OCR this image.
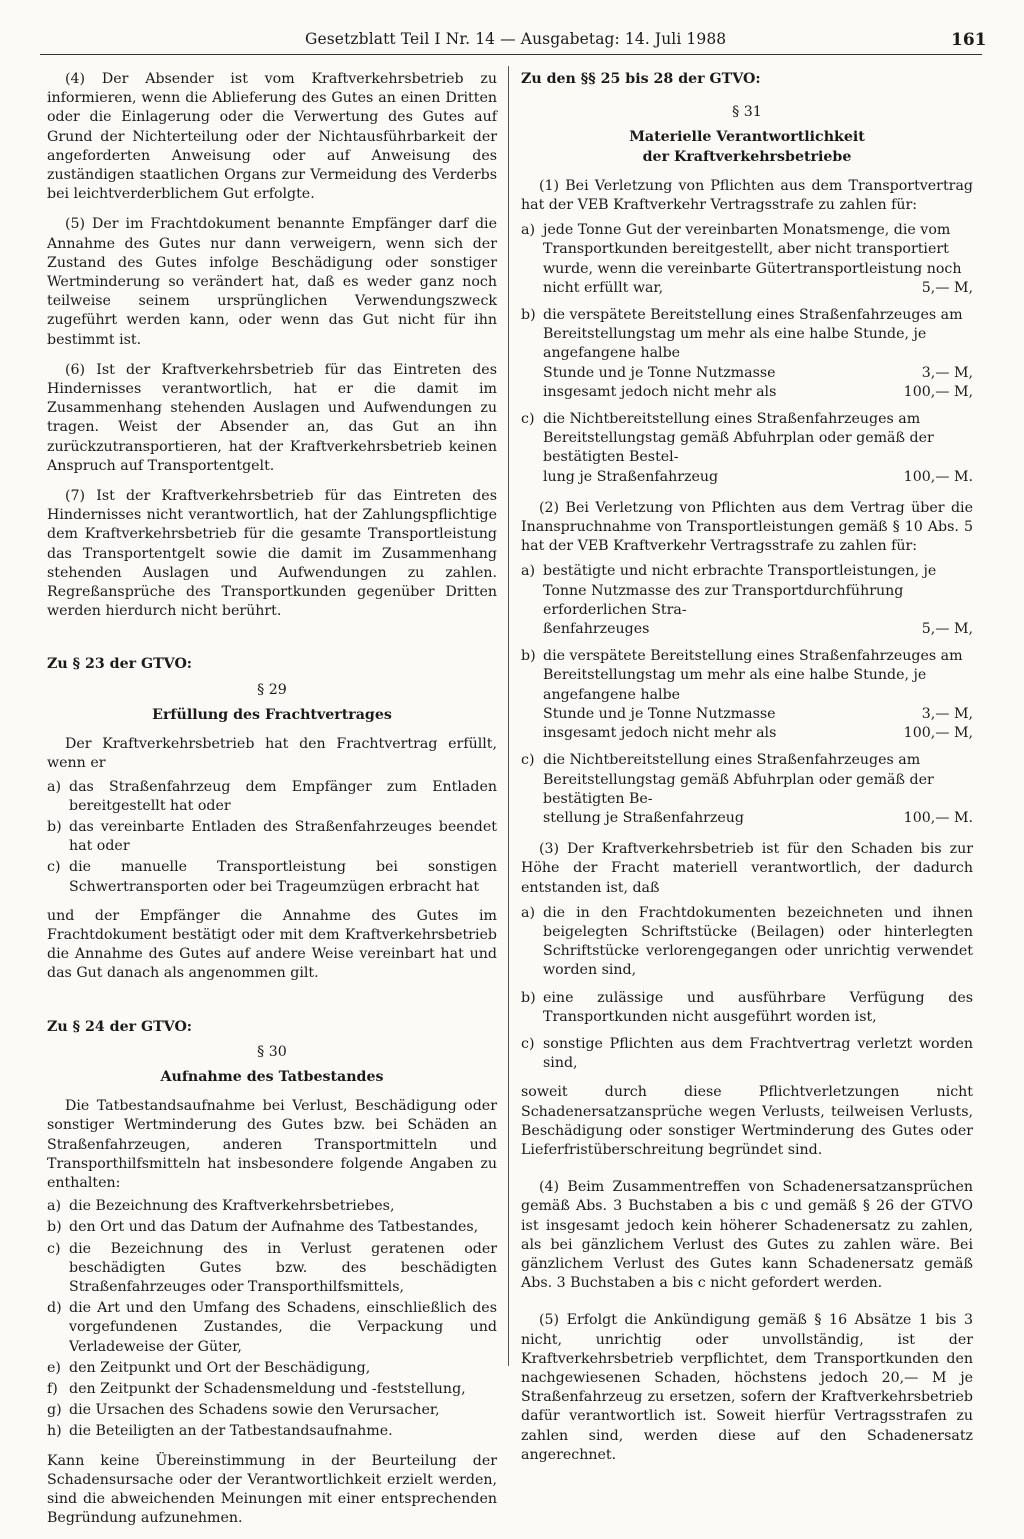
Gesetzblatt Teil I Nr. 14 — Ausgabetag: 14. Juli 1988	161

(4) Der Absender ist vom Kraftverkehrsbetrieb zu informieren, wenn die Ablieferung des Gutes an einen Dritten oder die Einlagerung oder die Verwertung des Gutes auf Grund der Nichterteilung oder der Nichtausführbarkeit der angeforderten Anweisung oder auf Anweisung des zuständigen staatlichen Organs zur Vermeidung des Verderbs bei leichtverderblichem Gut erfolgte.

(5) Der im Frachtdokument benannte Empfänger darf die Annahme des Gutes nur dann verweigern, wenn sich der Zustand des Gutes infolge Beschädigung oder sonstiger Wertminderung so verändert hat, daß es weder ganz noch teilweise seinem ursprünglichen Verwendungszweck zugeführt werden kann, oder wenn das Gut nicht für ihn bestimmt ist.

(6) Ist der Kraftverkehrsbetrieb für das Eintreten des Hindernisses verantwortlich, hat er die damit im Zusammenhang stehenden Auslagen und Aufwendungen zu tragen. Weist der Absender an, das Gut an ihn zurückzutransportieren, hat der Kraftverkehrsbetrieb keinen Anspruch auf Transportentgelt.

(7) Ist der Kraftverkehrsbetrieb für das Eintreten des Hindernisses nicht verantwortlich, hat der Zahlungspflichtige dem Kraftverkehrsbetrieb für die gesamte Transportleistung das Transportentgelt sowie die damit im Zusammenhang stehenden Auslagen und Aufwendungen zu zahlen. Regreßansprüche des Transportkunden gegenüber Dritten werden hierdurch nicht berührt.

Zu § 23 der GTVO:
§ 29
Erfüllung des Frachtvertrages

Der Kraftverkehrsbetrieb hat den Frachtvertrag erfüllt, wenn er

a) das Straßenfahrzeug dem Empfänger zum Entladen bereitgestellt hat oder
b) das vereinbarte Entladen des Straßenfahrzeuges beendet hat oder
c) die manuelle Transportleistung bei sonstigen Schwertransporten oder bei Trageumzügen erbracht hat

und der Empfänger die Annahme des Gutes im Frachtdokument bestätigt oder mit dem Kraftverkehrsbetrieb die Annahme des Gutes auf andere Weise vereinbart hat und das Gut danach als angenommen gilt.

Zu § 24 der GTVO:
§ 30
Aufnahme des Tatbestandes

Die Tatbestandsaufnahme bei Verlust, Beschädigung oder sonstiger Wertminderung des Gutes bzw. bei Schäden an Straßenfahrzeugen, anderen Transportmitteln und Transporthilfsmitteln hat insbesondere folgende Angaben zu enthalten:

a) die Bezeichnung des Kraftverkehrsbetriebes,
b) den Ort und das Datum der Aufnahme des Tatbestandes,
c) die Bezeichnung des in Verlust geratenen oder beschädigten Gutes bzw. des beschädigten Straßenfahrzeuges oder Transporthilfsmittels,
d) die Art und den Umfang des Schadens, einschließlich des vorgefundenen Zustandes, die Verpackung und Verladeweise der Güter,
e) den Zeitpunkt und Ort der Beschädigung,
f) den Zeitpunkt der Schadensmeldung und -feststellung,
g) die Ursachen des Schadens sowie den Verursacher,
h) die Beteiligten an der Tatbestandsaufnahme.

Kann keine Übereinstimmung in der Beurteilung der Schadensursache oder der Verantwortlichkeit erzielt werden, sind die abweichenden Meinungen mit einer entsprechenden Begründung aufzunehmen.

Zu den §§ 25 bis 28 der GTVO:
§ 31
Materielle Verantwortlichkeit
der Kraftverkehrsbetriebe

(1) Bei Verletzung von Pflichten aus dem Transportvertrag hat der VEB Kraftverkehr Vertragsstrafe zu zahlen für:

a) jede Tonne Gut der vereinbarten Monatsmenge, die vom Transportkunden bereitgestellt, aber nicht transportiert wurde, wenn die vereinbarte Gütertransportleistung noch
nicht erfüllt war,	5,— M,
b) die verspätete Bereitstellung eines Straßenfahrzeuges am Bereitstellungstag um mehr als eine halbe Stunde, je angefangene halbe
Stunde und je Tonne Nutzmasse	3,— M,
insgesamt jedoch nicht mehr als	100,— M,
c) die Nichtbereitstellung eines Straßenfahrzeuges am Bereitstellungstag gemäß Abfuhrplan oder gemäß der bestätigten Bestel-
lung je Straßenfahrzeug	100,— M.

(2) Bei Verletzung von Pflichten aus dem Vertrag über die Inanspruchnahme von Transportleistungen gemäß § 10 Abs. 5 hat der VEB Kraftverkehr Vertragsstrafe zu zahlen für:

a) bestätigte und nicht erbrachte Transportleistungen, je Tonne Nutzmasse des zur Transportdurchführung erforderlichen Stra-
ßenfahrzeuges	5,— M,
b) die verspätete Bereitstellung eines Straßenfahrzeuges am Bereitstellungstag um mehr als eine halbe Stunde, je angefangene halbe
Stunde und je Tonne Nutzmasse	3,— M,
insgesamt jedoch nicht mehr als	100,— M,
c) die Nichtbereitstellung eines Straßenfahrzeuges am Bereitstellungstag gemäß Abfuhrplan oder gemäß der bestätigten Be-
stellung je Straßenfahrzeug	100,— M.

(3) Der Kraftverkehrsbetrieb ist für den Schaden bis zur Höhe der Fracht materiell verantwortlich, der dadurch entstanden ist, daß

a) die in den Frachtdokumenten bezeichneten und ihnen beigelegten Schriftstücke (Beilagen) oder hinterlegten Schriftstücke verlorengegangen oder unrichtig verwendet worden sind,
b) eine zulässige und ausführbare Verfügung des Transportkunden nicht ausgeführt worden ist,
c) sonstige Pflichten aus dem Frachtvertrag verletzt worden sind,

soweit durch diese Pflichtverletzungen nicht Schadenersatzansprüche wegen Verlusts, teilweisen Verlusts, Beschädigung oder sonstiger Wertminderung des Gutes oder Lieferfristüberschreitung begründet sind.

(4) Beim Zusammentreffen von Schadenersatzansprüchen gemäß Abs. 3 Buchstaben a bis c und gemäß § 26 der GTVO ist insgesamt jedoch kein höherer Schadenersatz zu zahlen, als bei gänzlichem Verlust des Gutes zu zahlen wäre. Bei gänzlichem Verlust des Gutes kann Schadenersatz gemäß Abs. 3 Buchstaben a bis c nicht gefordert werden.

(5) Erfolgt die Ankündigung gemäß § 16 Absätze 1 bis 3 nicht, unrichtig oder unvollständig, ist der Kraftverkehrsbetrieb verpflichtet, dem Transportkunden den nachgewiesenen Schaden, höchstens jedoch 20,— M je Straßenfahrzeug zu ersetzen, sofern der Kraftverkehrsbetrieb dafür verantwortlich ist. Soweit hierfür Vertragsstrafen zu zahlen sind, werden diese auf den Schadenersatz angerechnet.
